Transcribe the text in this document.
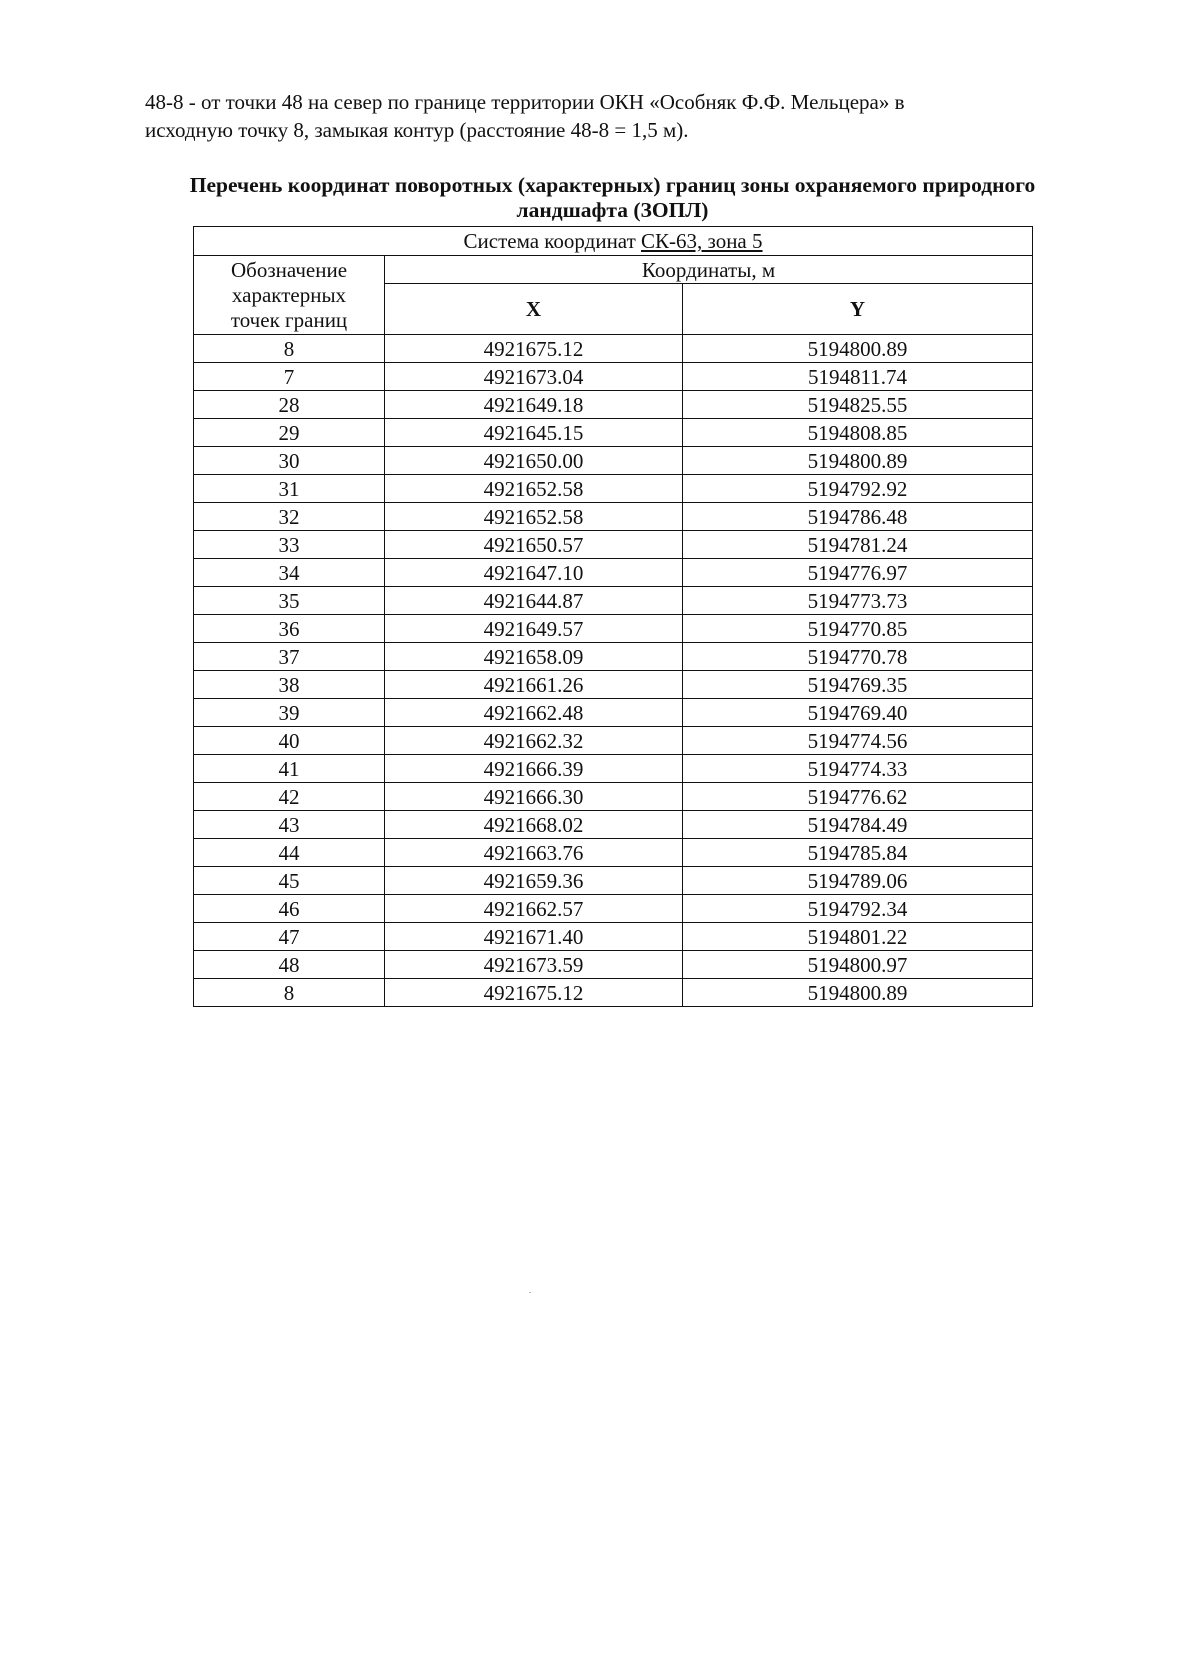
48-8 - от точки 48 на север по границе территории ОКН «Особняк Ф.Ф. Мельцера» в
исходную точку 8, замыкая контур (расстояние 48-8 = 1,5 м).
Перечень координат поворотных (характерных) границ зоны охраняемого природного
ландшафта (ЗОПЛ)
Система координат СК-63, зона 5		
Обозначение
характерных
точек границ	Координаты, м	
	X	Y
8	4921675.12	5194800.89
7	4921673.04	5194811.74
28	4921649.18	5194825.55
29	4921645.15	5194808.85
30	4921650.00	5194800.89
31	4921652.58	5194792.92
32	4921652.58	5194786.48
33	4921650.57	5194781.24
34	4921647.10	5194776.97
35	4921644.87	5194773.73
36	4921649.57	5194770.85
37	4921658.09	5194770.78
38	4921661.26	5194769.35
39	4921662.48	5194769.40
40	4921662.32	5194774.56
41	4921666.39	5194774.33
42	4921666.30	5194776.62
43	4921668.02	5194784.49
44	4921663.76	5194785.84
45	4921659.36	5194789.06
46	4921662.57	5194792.34
47	4921671.40	5194801.22
48	4921673.59	5194800.97
8	4921675.12	5194800.89
